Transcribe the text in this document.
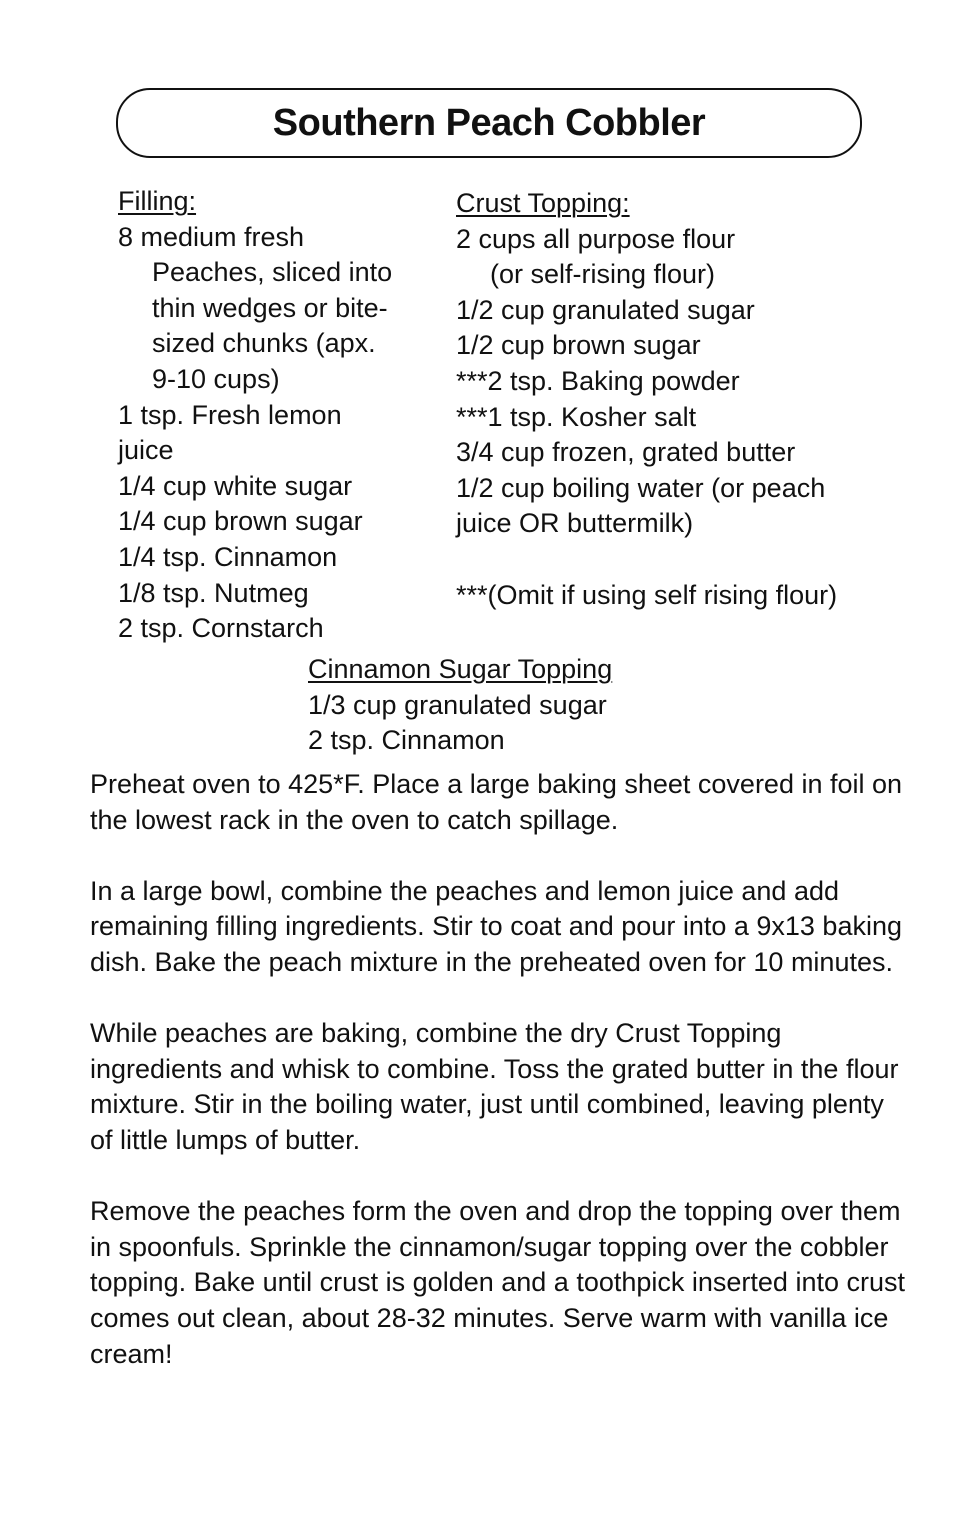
Southern Peach Cobbler
Filling:
8 medium fresh
Peaches, sliced into
thin wedges or bite-
sized chunks (apx.
9-10 cups)
1 tsp. Fresh lemon
juice
1/4 cup white sugar
1/4 cup brown sugar
1/4 tsp. Cinnamon
1/8 tsp. Nutmeg
2 tsp. Cornstarch
Crust Topping:
2 cups all purpose flour
(or self-rising flour)
1/2 cup granulated sugar
1/2 cup brown sugar
***2 tsp. Baking powder
***1 tsp. Kosher salt
3/4 cup frozen, grated butter
1/2 cup boiling water (or peach
juice OR buttermilk)
***(Omit if using self rising flour)
Cinnamon Sugar Topping
1/3 cup granulated sugar
2 tsp. Cinnamon

Preheat oven to 425*F. Place a large baking sheet covered in foil on the lowest rack in the oven to catch spillage.

In a large bowl, combine the peaches and lemon juice and add remaining filling ingredients. Stir to coat and pour into a 9x13 baking dish. Bake the peach mixture in the preheated oven for 10 minutes.

While peaches are baking, combine the dry Crust Topping ingredients and whisk to combine. Toss the grated butter in the flour mixture. Stir in the boiling water, just until combined, leaving plenty of little lumps of butter.

Remove the peaches form the oven and drop the topping over them in spoonfuls. Sprinkle the cinnamon/sugar topping over the cobbler topping. Bake until crust is golden and a toothpick inserted into crust comes out clean, about 28-32 minutes. Serve warm with vanilla ice cream!
